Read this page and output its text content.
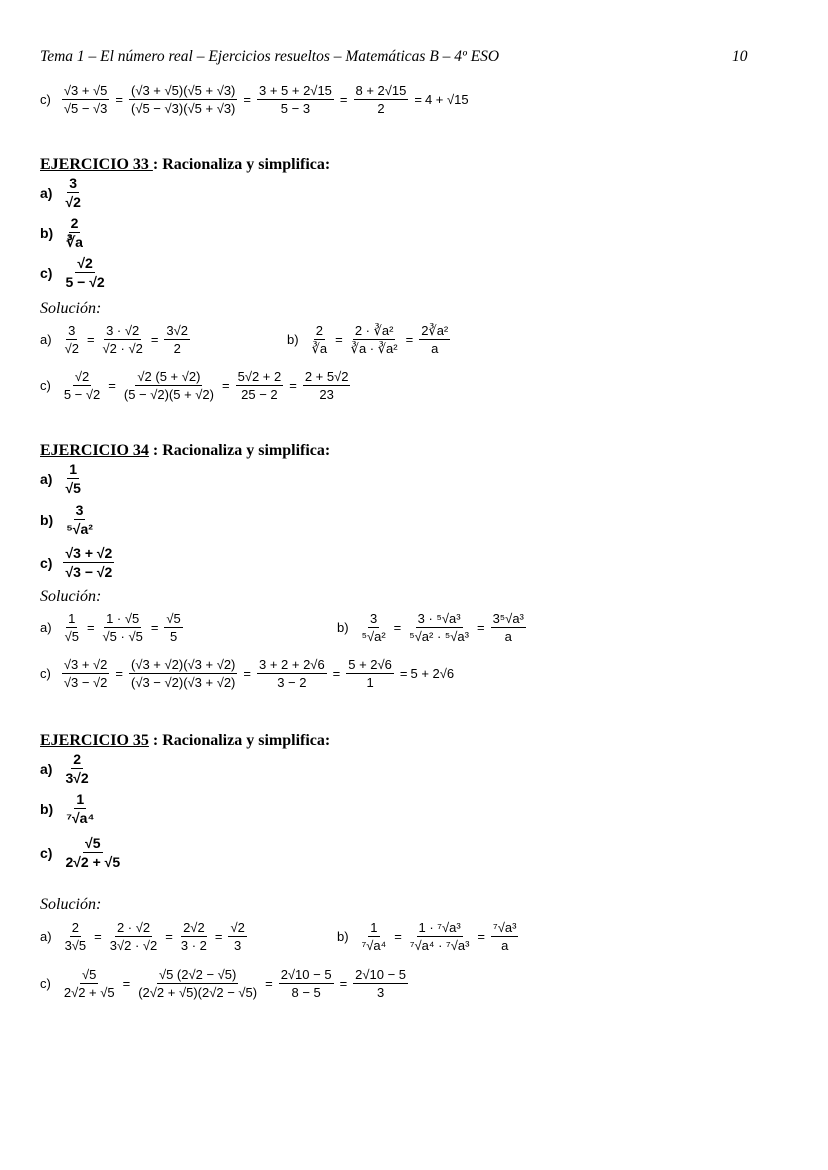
Tema 1 – El número real – Ejercicios resueltos – Matemáticas B – 4º ESO	10
$c) \frac{√3 + √5}{√5 - √3} = \frac{(√3 + √5)(√5 + √3)}{(√5 - √3)(√5 + √3)} = \frac{3 + 5 + 2√15}{5 - 3} = \frac{8 + 2√15}{2} = 4 + √15$
EJERCICIO 33 : Racionaliza y simplifica:
$a) \frac{3}{√2}$
$b) \frac{2}{∛a}$
$c) \frac{√2}{5 - √2}$
Solución:
$a) \frac{3}{√2} = \frac{3 \cdot √2}{√2 \cdot √2} = \frac{3√2}{2}$	$b) \frac{2}{∛a} = \frac{\text{2 · ∛a²}}{\text{∛a · ∛a²}} = \frac{\text{2∛a²}}{a}$
$c) \frac{√2}{5 - √2} = \frac{√2 (5 + √2)}{(5 - √2)(5 + √2)} = \frac{5√2 + 2}{25 - 2} = \frac{2 + 5√2}{23}$
EJERCICIO 34 : Racionaliza y simplifica:
$a) \frac{1}{√5}$
$b) \frac{3}{\text{⁵√a²}}$
$c) \frac{√3 + √2}{√3 - √2}$
Solución:
$a) \frac{1}{√5} = \frac{1 \cdot √5}{√5 \cdot √5} = \frac{√5}{5}$	$b) \frac{3}{\text{⁵√a²}} = \frac{\text{3 · ⁵√a³}}{\text{⁵√a² · ⁵√a³}} = \frac{\text{3⁵√a³}}{a}$
$c) \frac{√3 + √2}{√3 - √2} = \frac{(√3 + √2)(√3 + √2)}{(√3 - √2)(√3 + √2)} = \frac{3 + 2 + 2√6}{3 - 2} = \frac{5 + 2√6}{1} = 5 + 2√6$
EJERCICIO 35 : Racionaliza y simplifica:
$a) \frac{2}{3√2}$
$b) \frac{1}{\text{⁷√a⁴}}$
$c) \frac{√5}{2√2 + √5}$
Solución:
$a) \frac{2}{3√5} = \frac{2 \cdot √2}{3√2 \cdot √2} = \frac{2√2}{3 \cdot 2} = \frac{√2}{3}$	$b) \frac{1}{\text{⁷√a⁴}} = \frac{\text{1 · ⁷√a³}}{\text{⁷√a⁴ · ⁷√a³}} = \frac{\text{⁷√a³}}{a}$
$c) \frac{√5}{2√2 + √5} = \frac{√5 (2√2 - √5)}{(2√2 + √5)(2√2 - √5)} = \frac{2√10 - 5}{8 - 5} = \frac{2√10 - 5}{3}$
